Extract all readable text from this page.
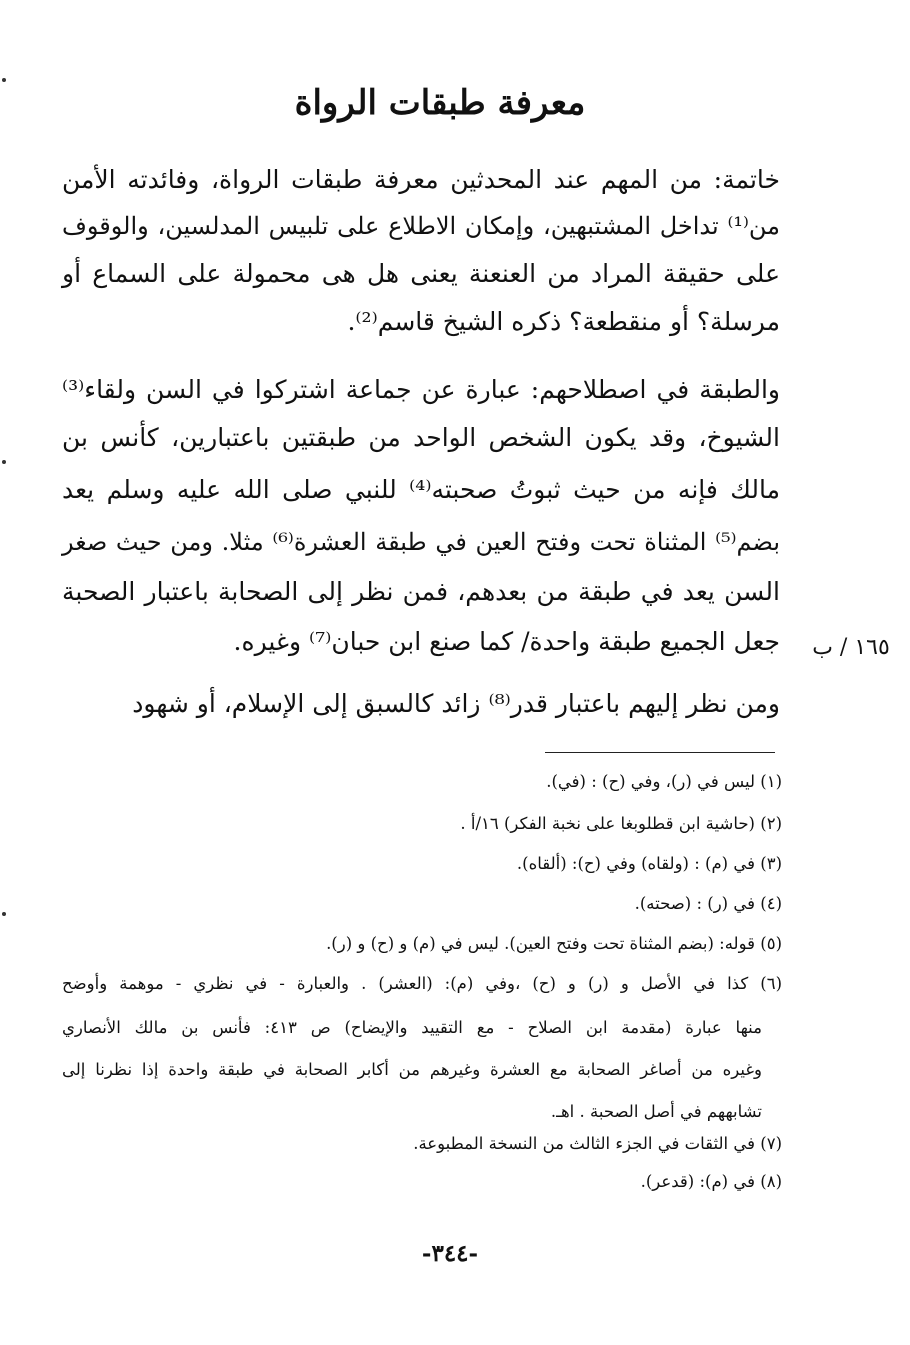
معرفة طبقات الرواة
خاتمة: من المهم عند المحدثين معرفة طبقات الرواة، وفائدته الأمن
من⁽¹⁾ تداخل المشتبهين، وإمكان الاطلاع على تلبيس المدلسين، والوقوف
على حقيقة المراد من العنعنة يعنى هل هى محمولة على السماع أو
مرسلة؟ أو منقطعة؟ ذكره الشيخ قاسم⁽²⁾.
والطبقة في اصطلاحهم: عبارة عن جماعة اشتركوا في السن ولقاء⁽³⁾
الشيوخ، وقد يكون الشخص الواحد من طبقتين باعتبارين، كأنس بن
مالك فإنه من حيث ثبوتُ صحبته⁽⁴⁾ للنبي صلى الله عليه وسلم يعد
بضم⁽⁵⁾ المثناة تحت وفتح العين في طبقة العشرة⁽⁶⁾ مثلا. ومن حيث صغر
السن يعد في طبقة من بعدهم، فمن نظر إلى الصحابة باعتبار الصحبة
جعل الجميع طبقة واحدة/ كما صنع ابن حبان⁽⁷⁾ وغيره. ١٦٥ / ب
ومن نظر إليهم باعتبار قدر⁽⁸⁾ زائد كالسبق إلى الإسلام، أو شهود
(١) ليس في (ر)، وفي (ح) : (في).
(٢) (حاشية ابن قطلوبغا على نخبة الفكر) ١٦/أ .
(٣) في (م) : (ولقاه) وفي (ح): (ألقاه).
(٤) في (ر) : (صحته).
(٥) قوله: (بضم المثناة تحت وفتح العين). ليس في (م) و (ح) و (ر).
(٦) كذا في الأصل و (ر) و (ح) ،وفي (م): (العشر) . والعبارة - في نظري - موهمة وأوضح
منها عبارة (مقدمة ابن الصلاح - مع التقييد والإيضاح) ص ٤١٣: فأنس بن مالك الأنصاري
وغيره من أصاغر الصحابة مع العشرة وغيرهم من أكابر الصحابة في طبقة واحدة إذا نظرنا إلى
تشابههم في أصل الصحبة . اهـ.
(٧) في الثقات في الجزء الثالث من النسخة المطبوعة.
(٨) في (م): (قدعر).
-٣٤٤-
